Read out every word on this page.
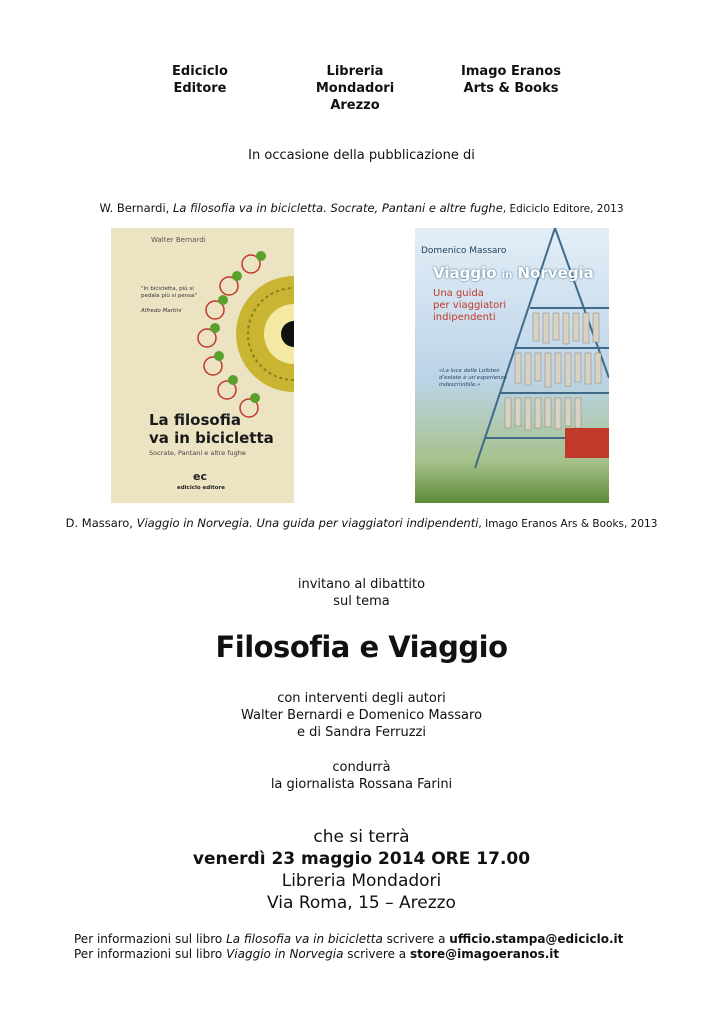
Ediciclo
Editore
Libreria
Mondadori
Arezzo
Imago Eranos
Arts & Books
In occasione della pubblicazione di
W. Bernardi, La filosofia va in bicicletta. Socrate, Pantani e altre fughe, Ediciclo Editore, 2013
Walter Bernardi
"In bicicletta, più si pedala più si pensa"
Alfredo Martini
La filosofia
va in bicicletta
Socrate, Pantani e altre fughe
ec
ediciclo editore
Domenico Massaro
Viaggio in Norvegia
Una guida
per viaggiatori
indipendenti
«La luce delle Lofoten
d'estate è un'esperienza
indescrivibile.»
D. Massaro, Viaggio in Norvegia. Una guida per viaggiatori indipendenti, Imago Eranos Ars & Books, 2013
invitano al dibattito
sul tema
Filosofia e Viaggio
con interventi degli autori
Walter Bernardi e Domenico Massaro
e di Sandra Ferruzzi
condurrà
la giornalista Rossana Farini
che si terrà
venerdì 23 maggio 2014 ORE 17.00
Libreria Mondadori
Via Roma, 15 – Arezzo
Per informazioni sul libro La filosofia va in bicicletta scrivere a ufficio.stampa@ediciclo.it
Per informazioni sul libro Viaggio in Norvegia scrivere a store@imagoeranos.it
